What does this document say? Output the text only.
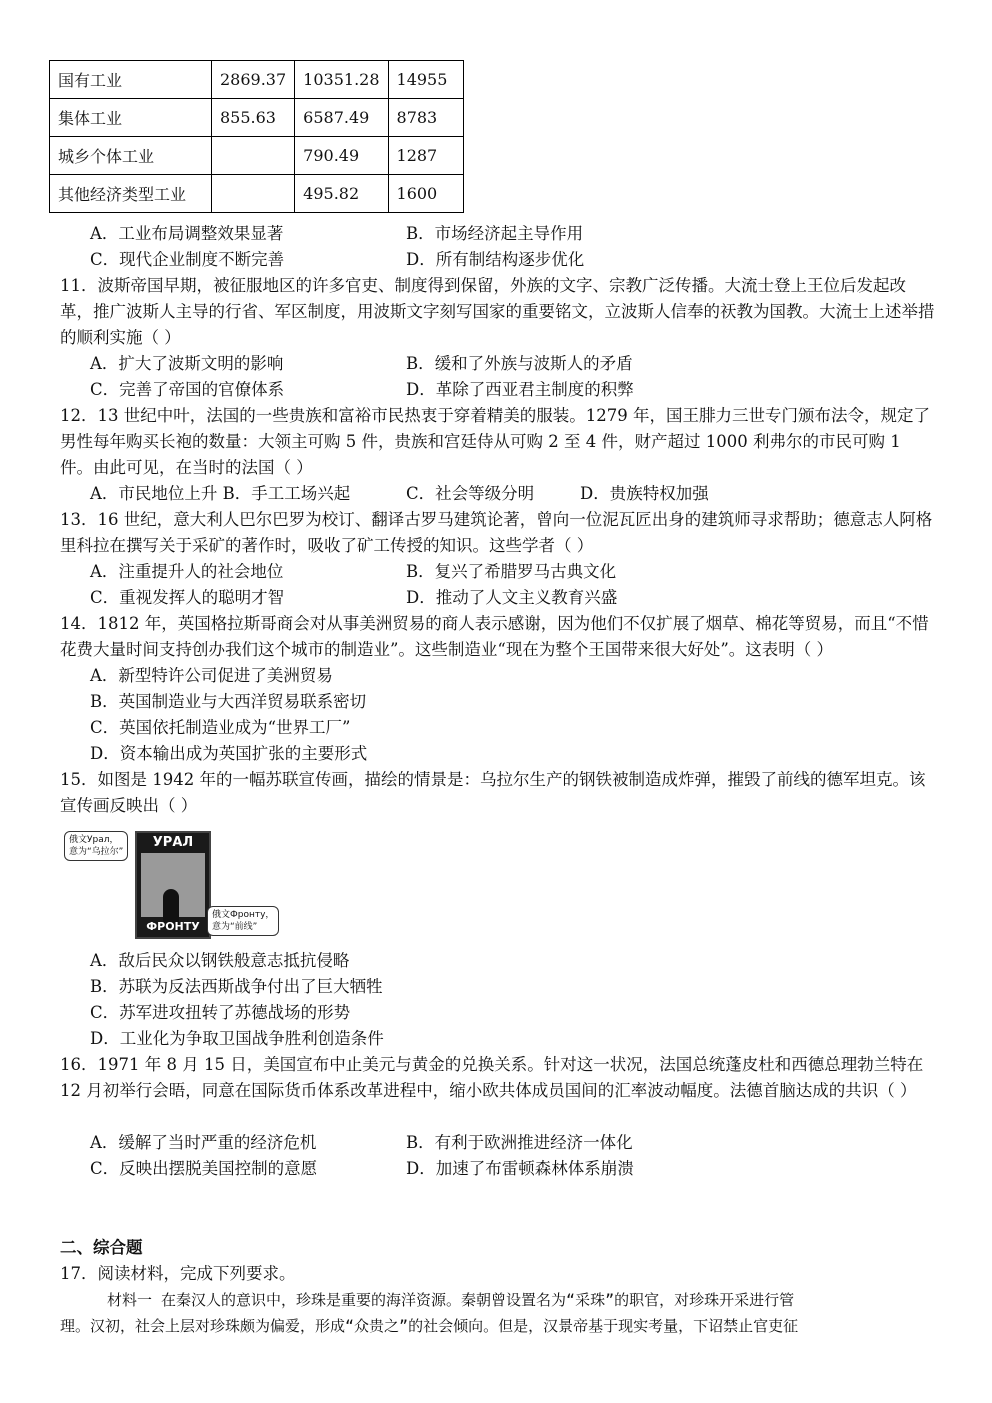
国有工业	2869.37	10351.28	14955
集体工业	855.63	6587.49	8783
城乡个体工业		790.49	1287
其他经济类型工业		495.82	1600
A．工业布局调整效果显著	B．市场经济起主导作用
C．现代企业制度不断完善	D．所有制结构逐步优化
11．波斯帝国早期，被征服地区的许多官吏、制度得到保留，外族的文字、宗教广泛传播。大流士登上王位后发起改革，推广波斯人主导的行省、军区制度，用波斯文字刻写国家的重要铭文，立波斯人信奉的祆教为国教。大流士上述举措的顺利实施（ ）
A．扩大了波斯文明的影响	B．缓和了外族与波斯人的矛盾
C．完善了帝国的官僚体系	D．革除了西亚君主制度的积弊
12．13 世纪中叶，法国的一些贵族和富裕市民热衷于穿着精美的服装。1279 年，国王腓力三世专门颁布法令，规定了男性每年购买长袍的数量：大领主可购 5 件，贵族和宫廷侍从可购 2 至 4 件，财产超过 1000 利弗尔的市民可购 1 件。由此可见，在当时的法国（ ）
A．市民地位上升 B．手工工场兴起	C．社会等级分明	D．贵族特权加强
13．16 世纪，意大利人巴尔巴罗为校订、翻译古罗马建筑论著，曾向一位泥瓦匠出身的建筑师寻求帮助；德意志人阿格里科拉在撰写关于采矿的著作时，吸收了矿工传授的知识。这些学者（ ）
A．注重提升人的社会地位	B．复兴了希腊罗马古典文化
C．重视发挥人的聪明才智	D．推动了人文主义教育兴盛
14．1812 年，英国格拉斯哥商会对从事美洲贸易的商人表示感谢，因为他们不仅扩展了烟草、棉花等贸易，而且“不惜花费大量时间支持创办我们这个城市的制造业”。这些制造业“现在为整个王国带来很大好处”。这表明（ ）
A．新型特许公司促进了美洲贸易
B．英国制造业与大西洋贸易联系密切
C．英国依托制造业成为“世界工厂”
D．资本输出成为英国扩张的主要形式
15．如图是 1942 年的一幅苏联宣传画，描绘的情景是：乌拉尔生产的钢铁被制造成炸弹，摧毁了前线的德军坦克。该宣传画反映出（ ）
УРАЛ
ФРОНТУ
俄文Урал，
意为“乌拉尔”
俄文Фронту，
意为“前线”
A．敌后民众以钢铁般意志抵抗侵略
B．苏联为反法西斯战争付出了巨大牺牲
C．苏军进攻扭转了苏德战场的形势
D．工业化为争取卫国战争胜利创造条件
16．1971 年 8 月 15 日，美国宣布中止美元与黄金的兑换关系。针对这一状况，法国总统蓬皮杜和西德总理勃兰特在 12 月初举行会晤，同意在国际货币体系改革进程中，缩小欧共体成员国间的汇率波动幅度。法德首脑达成的共识（ ）
A．缓解了当时严重的经济危机	B．有利于欧洲推进经济一体化
C．反映出摆脱美国控制的意愿	D．加速了布雷顿森林体系崩溃
二、综合题
17．阅读材料，完成下列要求。
材料一 在秦汉人的意识中，珍珠是重要的海洋资源。秦朝曾设置名为“采珠”的职官，对珍珠开采进行管
理。汉初，社会上层对珍珠颇为偏爱，形成“众贵之”的社会倾向。但是，汉景帝基于现实考量，下诏禁止官吏征
